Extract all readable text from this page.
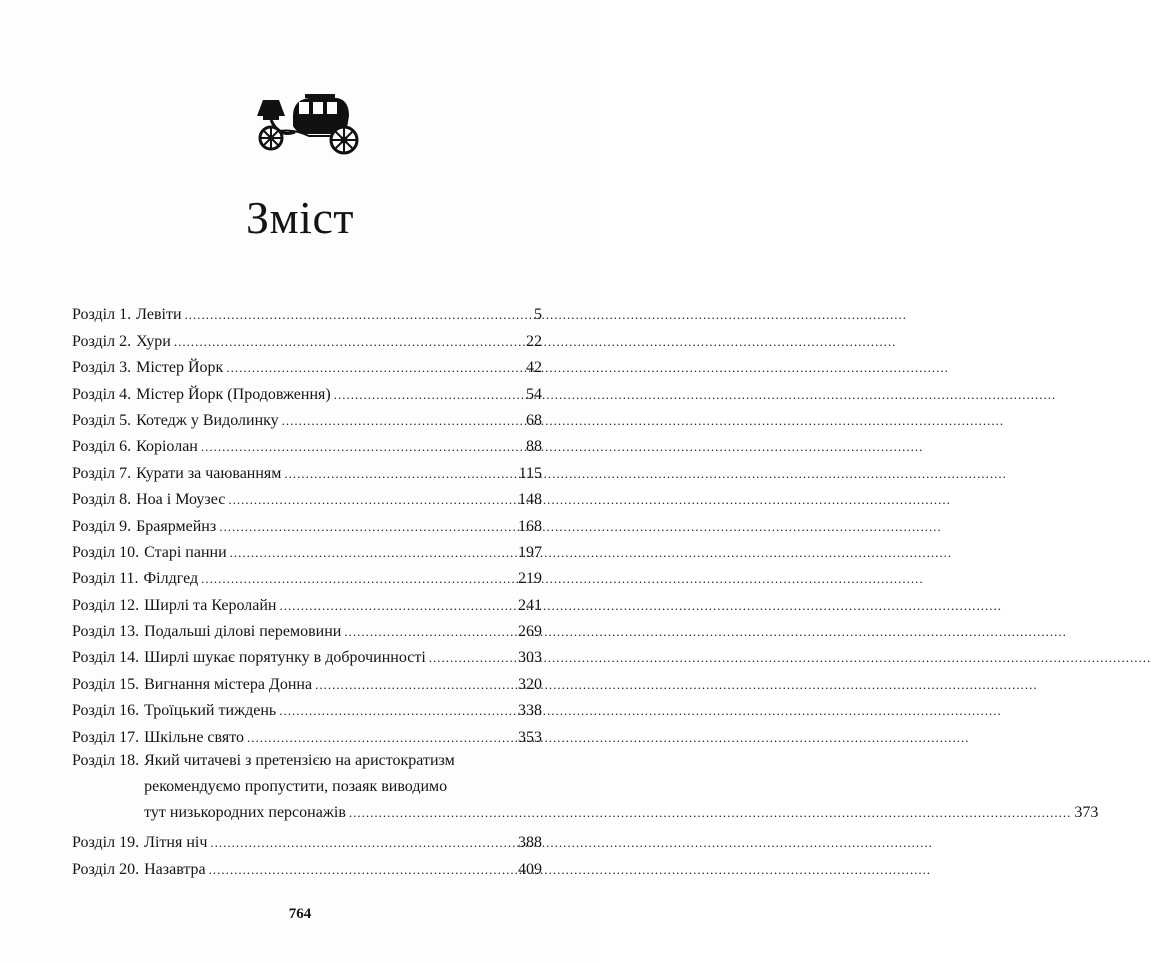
Зміст
Розділ 1. Левіти .....	5
Розділ 2. Хури .....	22
Розділ 3. Містер Йорк .....	42
Розділ 4. Містер Йорк (Продовження) .....	54
Розділ 5. Котедж у Видолинку .....	68
Розділ 6. Коріолан .....	88
Розділ 7. Курати за чаюванням .....	115
Розділ 8. Ноа і Моузес .....	148
Розділ 9. Браярмейнз .....	168
Розділ 10. Старі панни .....	197
Розділ 11. Філдгед .....	219
Розділ 12. Ширлі та Керолайн .....	241
Розділ 13. Подальші ділові перемовини .....	269
Розділ 14. Ширлі шукає порятунку в доброчинності .....	303
Розділ 15. Вигнання містера Донна .....	320
Розділ 16. Троїцький тиждень .....	338
Розділ 17. Шкільне свято .....	353
Розділ 18. Який читачеві з претензією на аристократизм
рекомендуємо пропустити, позаяк виводимо
тут низькородних персонажів .....	373
Розділ 19. Літня ніч .....	388
Розділ 20. Назавтра .....	409
764
